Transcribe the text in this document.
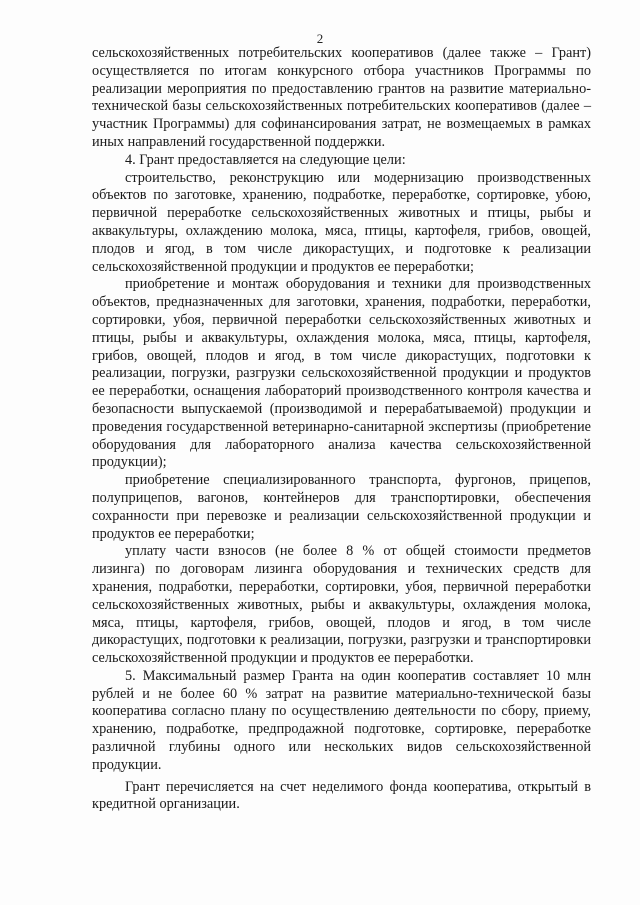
2

сельскохозяйственных потребительских кооперативов (далее также – Грант) осуществляется по итогам конкурсного отбора участников Программы по реализации мероприятия по предоставлению грантов на развитие материально-технической базы сельскохозяйственных потребительских кооперативов (далее – участник Программы) для софинансирования затрат, не возмещаемых в рамках иных направлений государственной поддержки.

4. Грант предоставляется на следующие цели:

строительство, реконструкцию или модернизацию производственных объектов по заготовке, хранению, подработке, переработке, сортировке, убою, первичной переработке сельскохозяйственных животных и птицы, рыбы и аквакультуры, охлаждению молока, мяса, птицы, картофеля, грибов, овощей, плодов и ягод, в том числе дикорастущих, и подготовке к реализации сельскохозяйственной продукции и продуктов ее переработки;

приобретение и монтаж оборудования и техники для производственных объектов, предназначенных для заготовки, хранения, подработки, переработки, сортировки, убоя, первичной переработки сельскохозяйственных животных и птицы, рыбы и аквакультуры, охлаждения молока, мяса, птицы, картофеля, грибов, овощей, плодов и ягод, в том числе дикорастущих, подготовки к реализации, погрузки, разгрузки сельскохозяйственной продукции и продуктов ее переработки, оснащения лабораторий производственного контроля качества и безопасности выпускаемой (производимой и перерабатываемой) продукции и проведения государственной ветеринарно-санитарной экспертизы (приобретение оборудования для лабораторного анализа качества сельскохозяйственной продукции);

приобретение специализированного транспорта, фургонов, прицепов, полуприцепов, вагонов, контейнеров для транспортировки, обеспечения сохранности при перевозке и реализации сельскохозяйственной продукции и продуктов ее переработки;

уплату части взносов (не более 8 % от общей стоимости предметов лизинга) по договорам лизинга оборудования и технических средств для хранения, подработки, переработки, сортировки, убоя, первичной переработки сельскохозяйственных животных, рыбы и аквакультуры, охлаждения молока, мяса, птицы, картофеля, грибов, овощей, плодов и ягод, в том числе дикорастущих, подготовки к реализации, погрузки, разгрузки и транспортировки сельскохозяйственной продукции и продуктов ее переработки.

5. Максимальный размер Гранта на один кооператив составляет 10 млн рублей и не более 60 % затрат на развитие материально-технической базы кооператива согласно плану по осуществлению деятельности по сбору, приему, хранению, подработке, предпродажной подготовке, сортировке, переработке различной глубины одного или нескольких видов сельскохозяйственной продукции.

Грант перечисляется на счет неделимого фонда кооператива, открытый в кредитной организации.
